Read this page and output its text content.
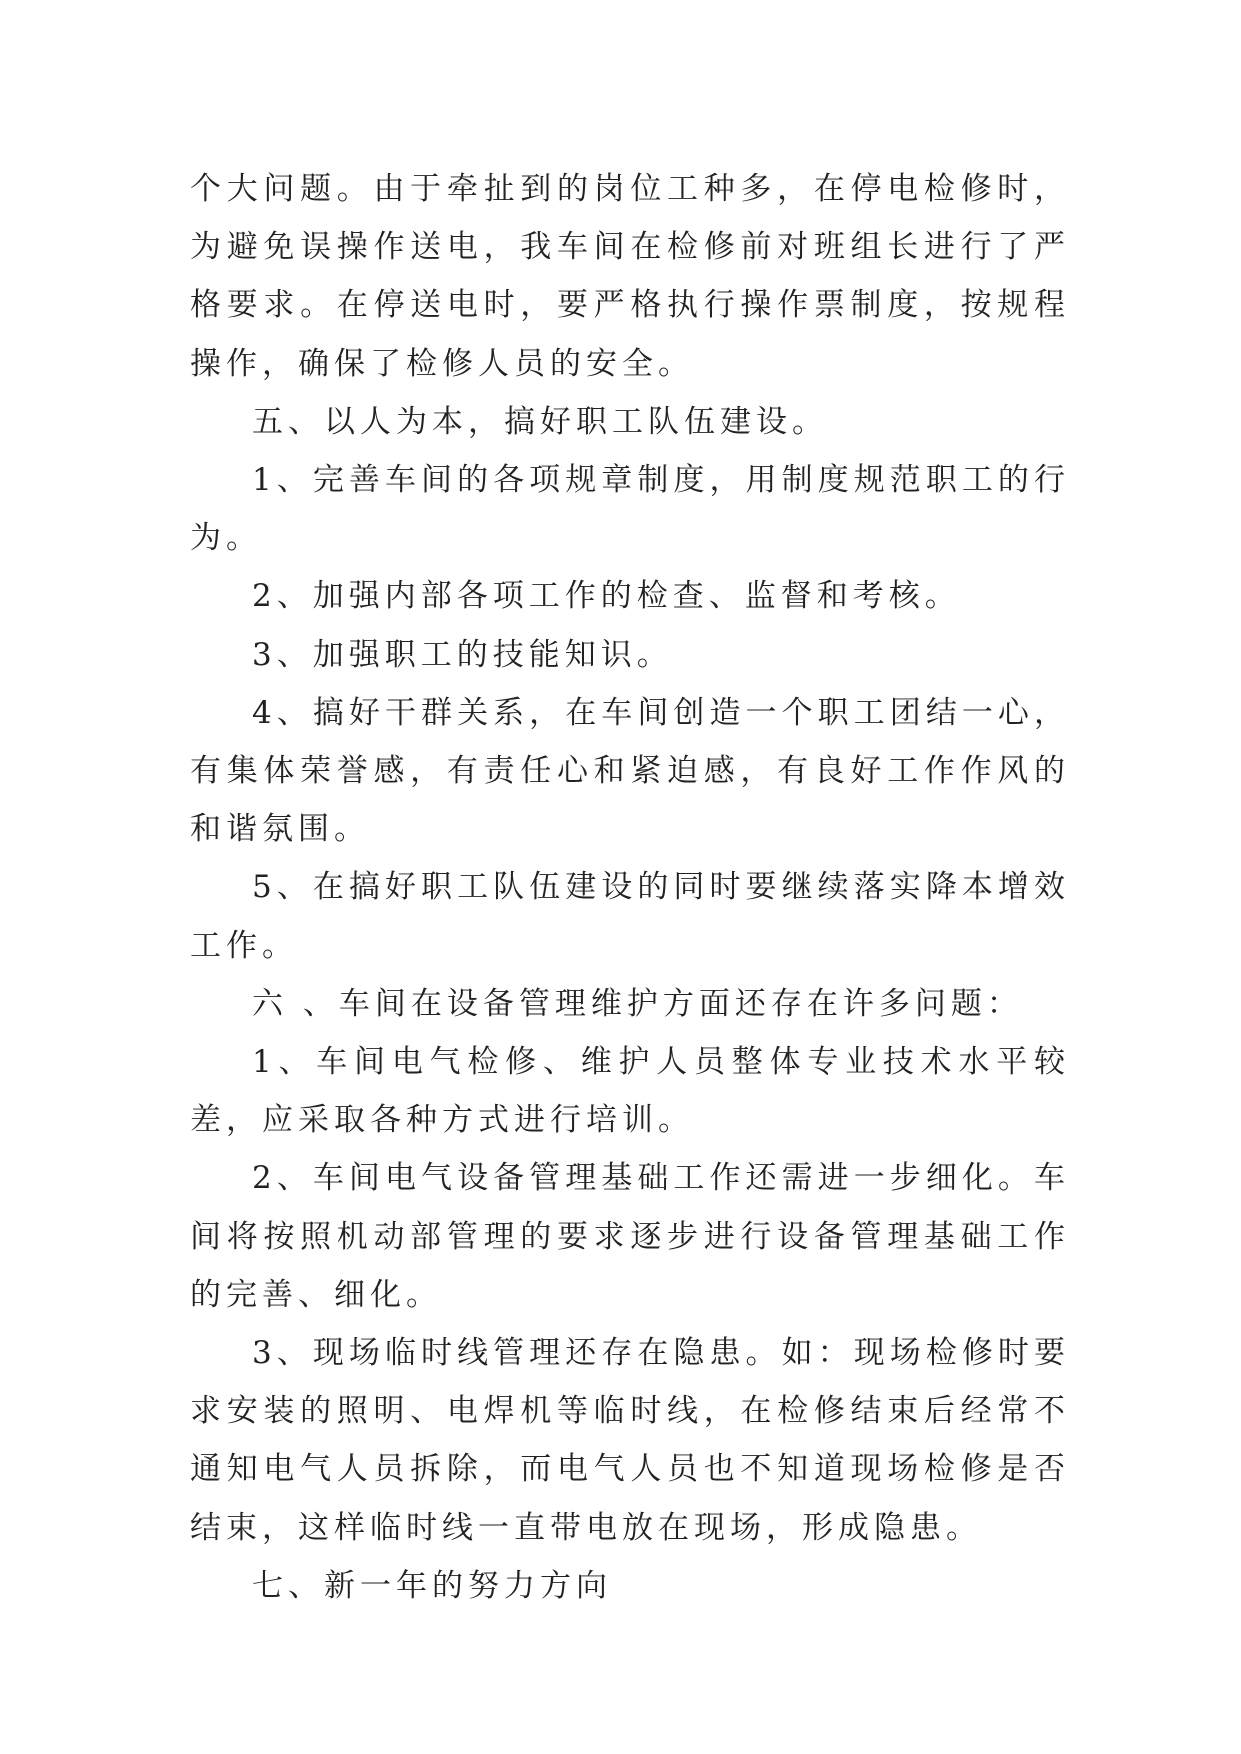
个大问题。由于牵扯到的岗位工种多，在停电检修时，为避免误操作送电，我车间在检修前对班组长进行了严格要求。在停送电时，要严格执行操作票制度，按规程操作，确保了检修人员的安全。

五、以人为本，搞好职工队伍建设。

1、完善车间的各项规章制度，用制度规范职工的行为。

2、加强内部各项工作的检查、监督和考核。

3、加强职工的技能知识。

4、搞好干群关系，在车间创造一个职工团结一心，有集体荣誉感，有责任心和紧迫感，有良好工作作风的和谐氛围。

5、在搞好职工队伍建设的同时要继续落实降本增效工作。

六 、车间在设备管理维护方面还存在许多问题：

1、车间电气检修、维护人员整体专业技术水平较差，应采取各种方式进行培训。

2、车间电气设备管理基础工作还需进一步细化。车间将按照机动部管理的要求逐步进行设备管理基础工作的完善、细化。

3、现场临时线管理还存在隐患。如：现场检修时要求安装的照明、电焊机等临时线，在检修结束后经常不通知电气人员拆除，而电气人员也不知道现场检修是否结束，这样临时线一直带电放在现场，形成隐患。

七、新一年的努力方向
